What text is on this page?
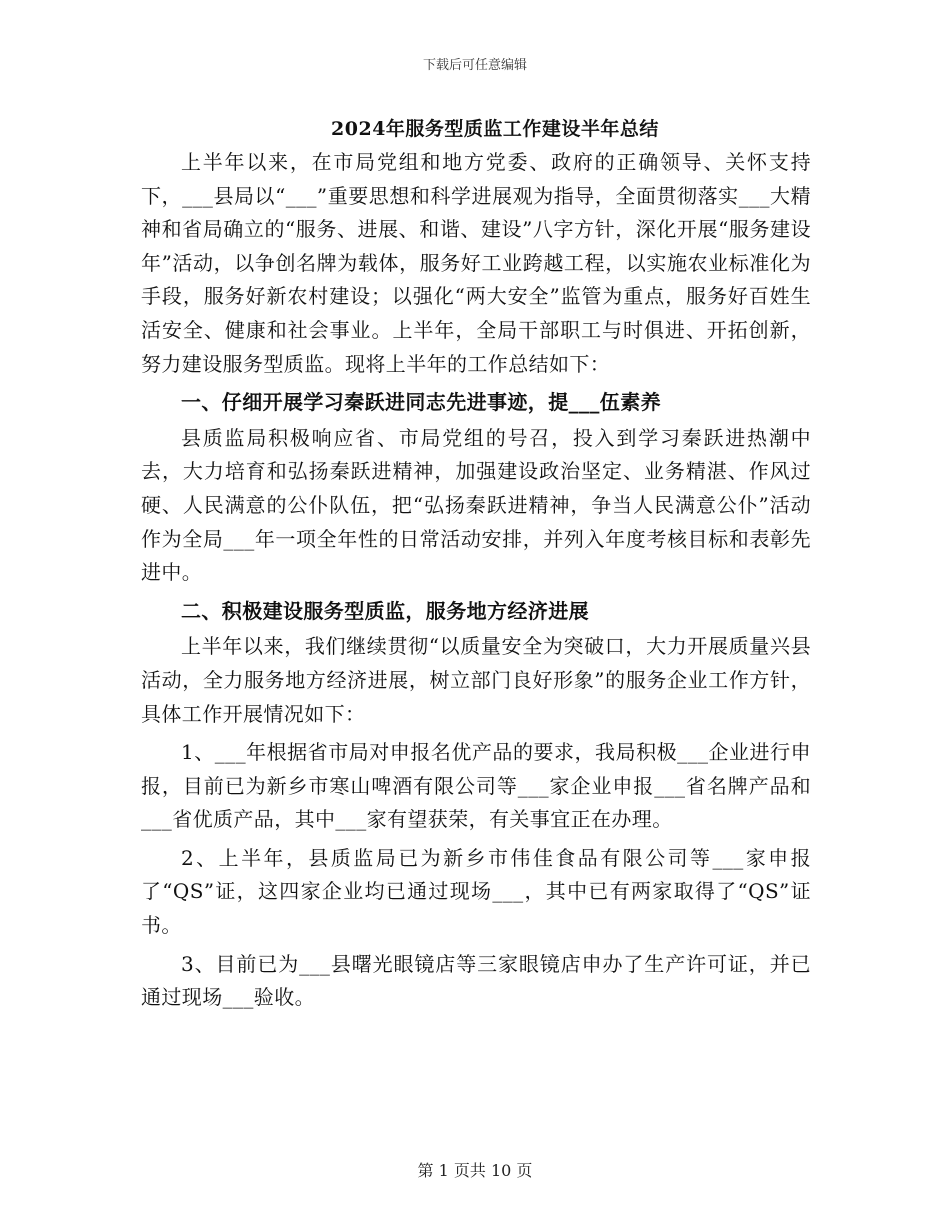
下载后可任意编辑
2024年服务型质监工作建设半年总结

上半年以来，在市局党组和地方党委、政府的正确领导、关怀支持下，___县局以“___”重要思想和科学进展观为指导，全面贯彻落实___大精神和省局确立的“服务、进展、和谐、建设”八字方针，深化开展“服务建设年”活动，以争创名牌为载体，服务好工业跨越工程，以实施农业标准化为手段，服务好新农村建设；以强化“两大安全”监管为重点，服务好百姓生活安全、健康和社会事业。上半年，全局干部职工与时俱进、开拓创新，努力建设服务型质监。现将上半年的工作总结如下：

一、仔细开展学习秦跃进同志先进事迹，提___伍素养

县质监局积极响应省、市局党组的号召，投入到学习秦跃进热潮中去，大力培育和弘扬秦跃进精神，加强建设政治坚定、业务精湛、作风过硬、人民满意的公仆队伍，把“弘扬秦跃进精神，争当人民满意公仆”活动作为全局___年一项全年性的日常活动安排，并列入年度考核目标和表彰先进中。

二、积极建设服务型质监，服务地方经济进展

上半年以来，我们继续贯彻“以质量安全为突破口，大力开展质量兴县活动，全力服务地方经济进展，树立部门良好形象”的服务企业工作方针，具体工作开展情况如下：

1、___年根据省市局对申报名优产品的要求，我局积极___企业进行申报，目前已为新乡市寒山啤酒有限公司等___家企业申报___省名牌产品和___省优质产品，其中___家有望获荣，有关事宜正在办理。

2、上半年，县质监局已为新乡市伟佳食品有限公司等___家申报了“QS”证，这四家企业均已通过现场___，其中已有两家取得了“QS”证书。

3、目前已为___县曙光眼镜店等三家眼镜店申办了生产许可证，并已通过现场___验收。

第 1 页共 10 页
